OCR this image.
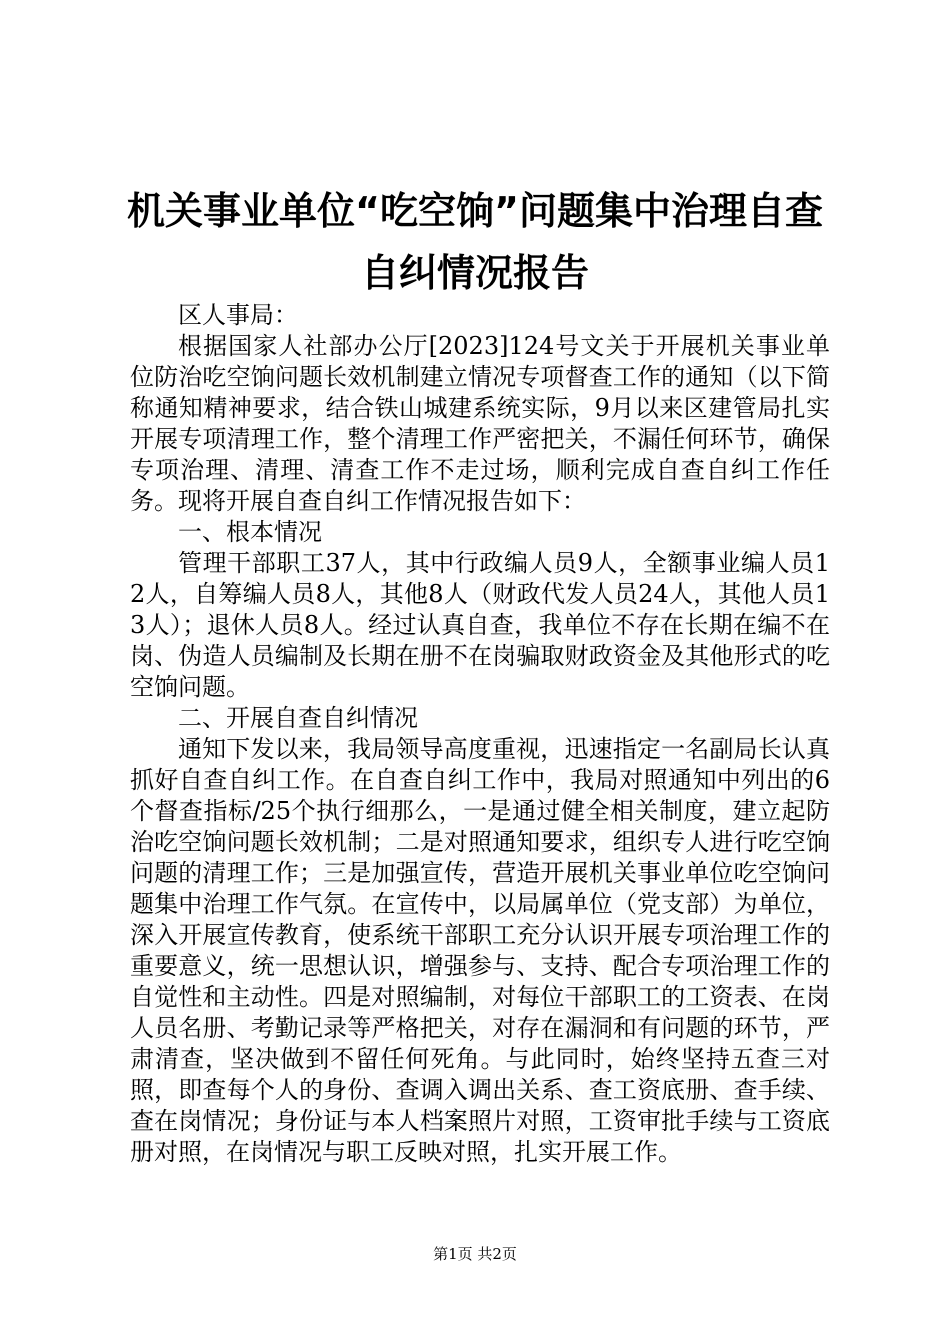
机关事业单位“吃空饷”问题集中治理自查自纠情况报告

区人事局：

根据国家人社部办公厅[2023]124号文关于开展机关事业单位防治吃空饷问题长效机制建立情况专项督查工作的通知（以下简称通知精神要求，结合铁山城建系统实际，9月以来区建管局扎实开展专项清理工作，整个清理工作严密把关，不漏任何环节，确保专项治理、清理、清查工作不走过场，顺利完成自查自纠工作任务。现将开展自查自纠工作情况报告如下：

一、根本情况

管理干部职工37人，其中行政编人员9人，全额事业编人员12人，自筹编人员8人，其他8人（财政代发人员24人，其他人员13人）；退休人员8人。经过认真自查，我单位不存在长期在编不在岗、伪造人员编制及长期在册不在岗骗取财政资金及其他形式的吃空饷问题。

二、开展自查自纠情况

通知下发以来，我局领导高度重视，迅速指定一名副局长认真抓好自查自纠工作。在自查自纠工作中，我局对照通知中列出的6个督查指标/25个执行细那么，一是通过健全相关制度，建立起防治吃空饷问题长效机制；二是对照通知要求，组织专人进行吃空饷问题的清理工作；三是加强宣传，营造开展机关事业单位吃空饷问题集中治理工作气氛。在宣传中，以局属单位（党支部）为单位，深入开展宣传教育，使系统干部职工充分认识开展专项治理工作的重要意义，统一思想认识，增强参与、支持、配合专项治理工作的自觉性和主动性。四是对照编制，对每位干部职工的工资表、在岗人员名册、考勤记录等严格把关，对存在漏洞和有问题的环节，严肃清查，坚决做到不留任何死角。与此同时，始终坚持五查三对照，即查每个人的身份、查调入调出关系、查工资底册、查手续、查在岗情况；身份证与本人档案照片对照，工资审批手续与工资底册对照，在岗情况与职工反映对照，扎实开展工作。

第1页 共2页
